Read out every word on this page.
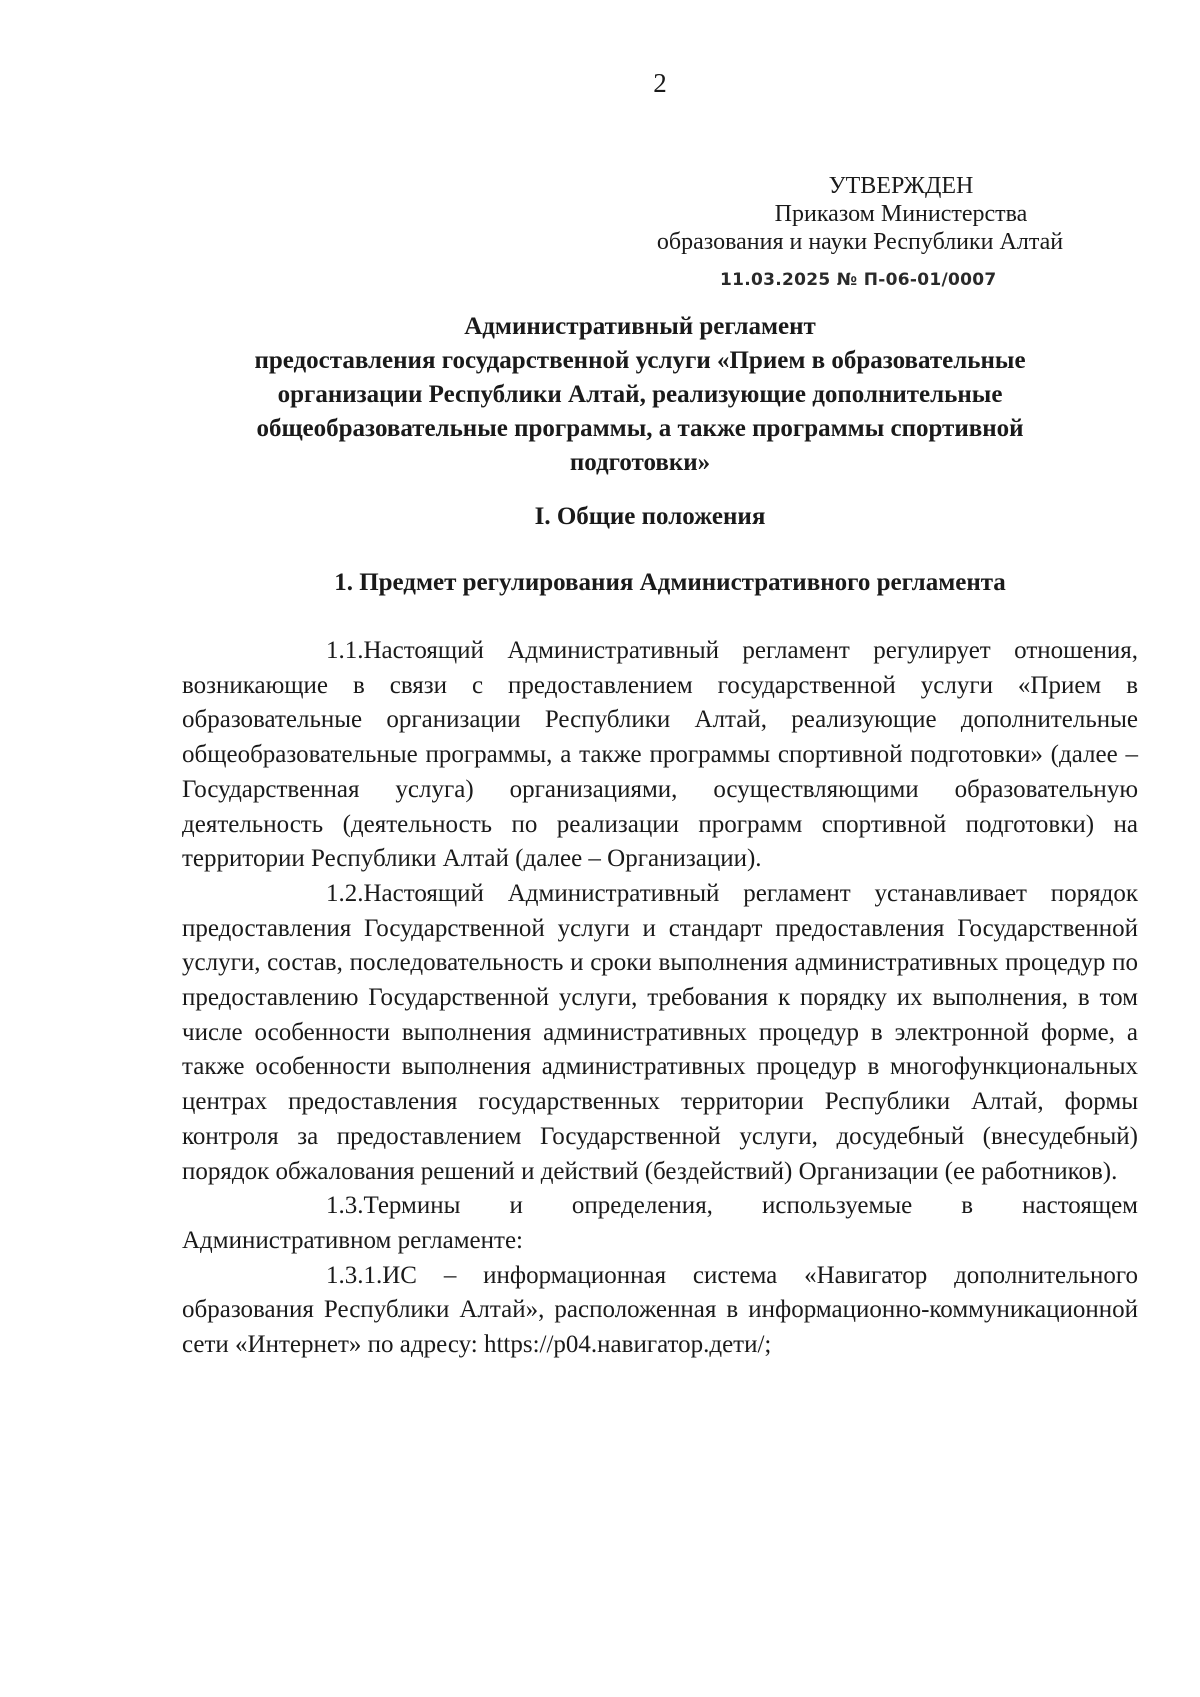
2
УТВЕРЖДЕН
Приказом Министерства
образования и науки Республики Алтай
11.03.2025 № П-06-01/0007
Административный регламент
предоставления государственной услуги «Прием в образовательные
организации Республики Алтай, реализующие дополнительные
общеобразовательные программы, а также программы спортивной
подготовки»
I. Общие положения
1. Предмет регулирования Административного регламента

1.1.Настоящий Административный регламент регулирует отношения, возникающие в связи с предоставлением государственной услуги «Прием в образовательные организации Республики Алтай, реализующие дополнительные общеобразовательные программы, а также программы спортивной подготовки» (далее – Государственная услуга) организациями, осуществляющими образовательную деятельность (деятельность по реализации программ спортивной подготовки) на территории Республики Алтай (далее – Организации).

1.2.Настоящий Административный регламент устанавливает порядок предоставления Государственной услуги и стандарт предоставления Государственной услуги, состав, последовательность и сроки выполнения административных процедур по предоставлению Государственной услуги, требования к порядку их выполнения, в том числе особенности выполнения административных процедур в электронной форме, а также особенности выполнения административных процедур в многофункциональных центрах предоставления государственных территории Республики Алтай, формы контроля за предоставлением Государственной услуги, досудебный (внесудебный) порядок обжалования решений и действий (бездействий) Организации (ее работников).

1.3.Термины и определения, используемые в настоящем Административном регламенте:

1.3.1.ИС – информационная система «Навигатор дополнительного образования Республики Алтай», расположенная в информационно-коммуникационной сети «Интернет» по адресу: https://р04.навигатор.дети/;
